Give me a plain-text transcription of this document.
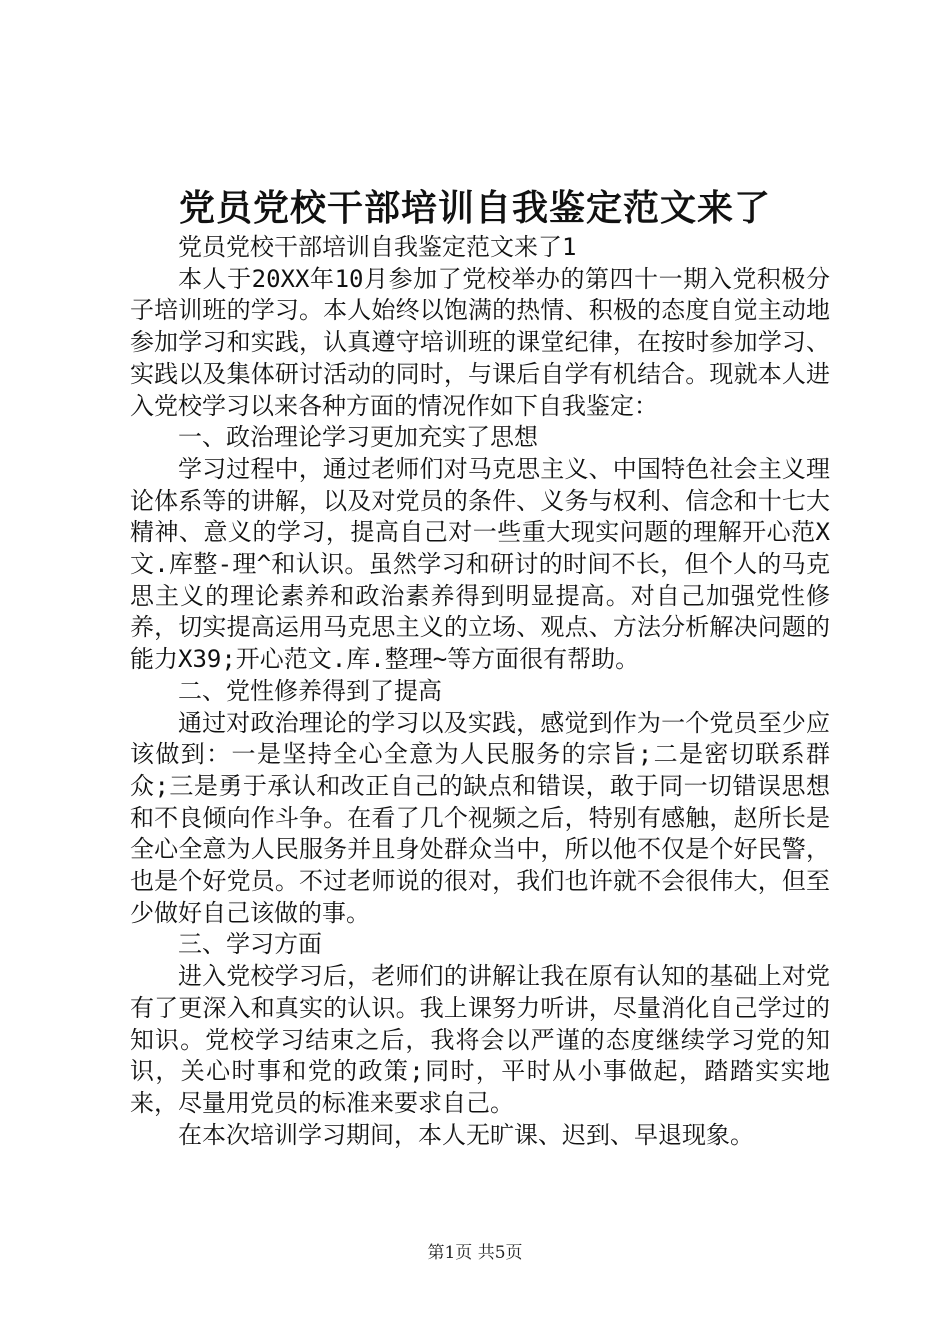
党员党校干部培训自我鉴定范文来了

党员党校干部培训自我鉴定范文来了1

本人于20XX年10月参加了党校举办的第四十一期入党积极分子培训班的学习。本人始终以饱满的热情、积极的态度自觉主动地参加学习和实践，认真遵守培训班的课堂纪律，在按时参加学习、实践以及集体研讨活动的同时，与课后自学有机结合。现就本人进入党校学习以来各种方面的情况作如下自我鉴定：

一、政治理论学习更加充实了思想

学习过程中，通过老师们对马克思主义、中国特色社会主义理论体系等的讲解，以及对党员的条件、义务与权利、信念和十七大精神、意义的学习，提高自己对一些重大现实问题的理解开心范X文.库整-理^和认识。虽然学习和研讨的时间不长，但个人的马克思主义的理论素养和政治素养得到明显提高。对自己加强党性修养，切实提高运用马克思主义的立场、观点、方法分析解决问题的能力X39;开心范文.库.整理~等方面很有帮助。

二、党性修养得到了提高

通过对政治理论的学习以及实践，感觉到作为一个党员至少应该做到：一是坚持全心全意为人民服务的宗旨;二是密切联系群众;三是勇于承认和改正自己的缺点和错误，敢于同一切错误思想和不良倾向作斗争。在看了几个视频之后，特别有感触，赵所长是全心全意为人民服务并且身处群众当中，所以他不仅是个好民警，也是个好党员。不过老师说的很对，我们也许就不会很伟大，但至少做好自己该做的事。

三、学习方面

进入党校学习后，老师们的讲解让我在原有认知的基础上对党有了更深入和真实的认识。我上课努力听讲，尽量消化自己学过的知识。党校学习结束之后，我将会以严谨的态度继续学习党的知识，关心时事和党的政策;同时，平时从小事做起，踏踏实实地来，尽量用党员的标准来要求自己。

在本次培训学习期间，本人无旷课、迟到、早退现象。

第1页 共5页
